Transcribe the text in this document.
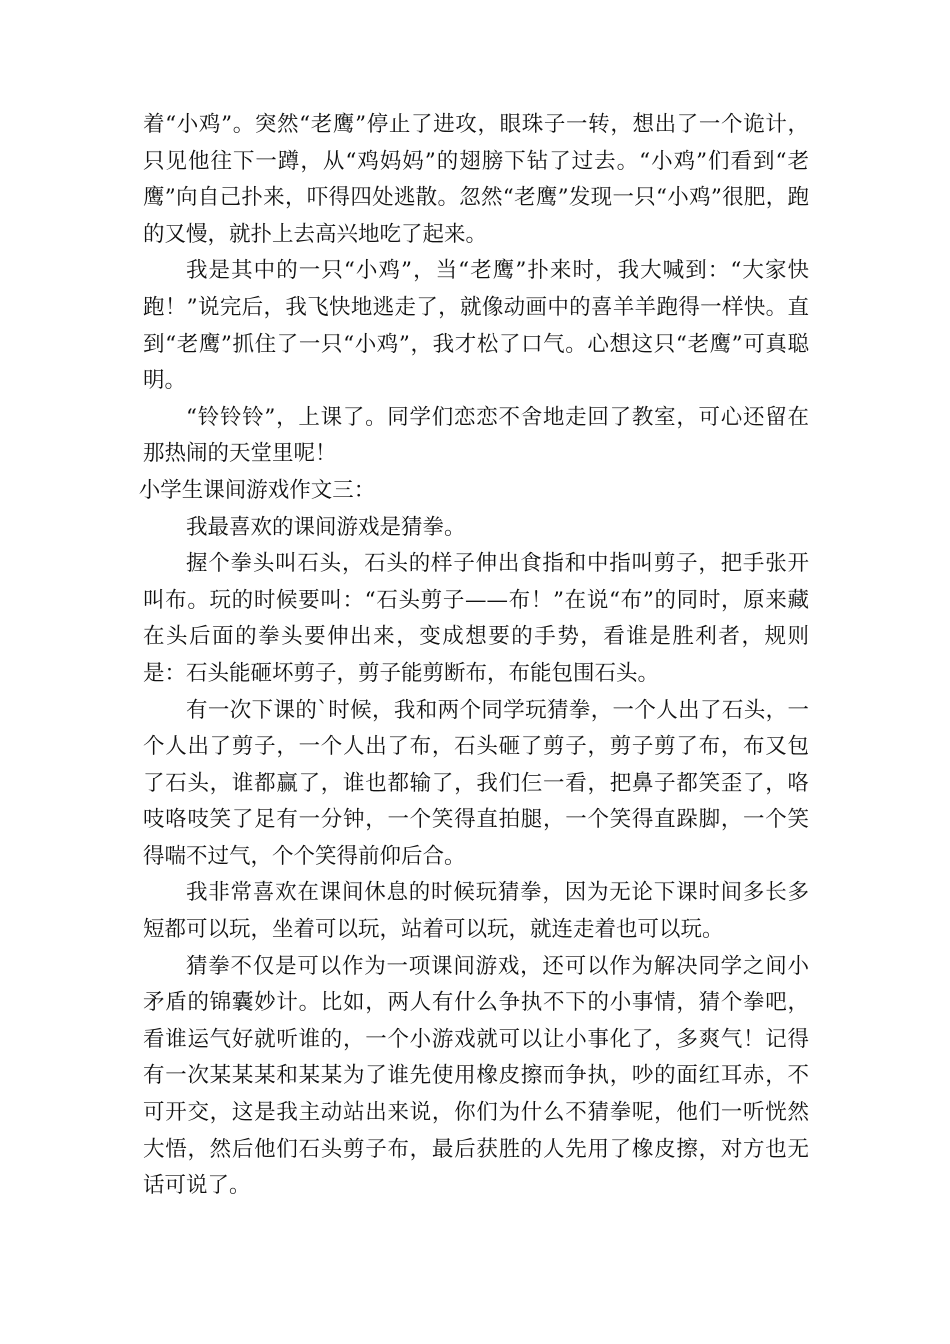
着“小鸡”。突然“老鹰”停止了进攻，眼珠子一转，想出了一个诡计，只见他往下一蹲，从“鸡妈妈”的翅膀下钻了过去。“小鸡”们看到“老鹰”向自己扑来，吓得四处逃散。忽然“老鹰”发现一只“小鸡”很肥，跑的又慢，就扑上去高兴地吃了起来。

我是其中的一只“小鸡”，当“老鹰”扑来时，我大喊到：“大家快跑！”说完后，我飞快地逃走了，就像动画中的喜羊羊跑得一样快。直到“老鹰”抓住了一只“小鸡”，我才松了口气。心想这只“老鹰”可真聪明。

“铃铃铃”，上课了。同学们恋恋不舍地走回了教室，可心还留在那热闹的天堂里呢！

小学生课间游戏作文三：

我最喜欢的课间游戏是猜拳。

握个拳头叫石头，石头的样子伸出食指和中指叫剪子，把手张开叫布。玩的时候要叫：“石头剪子——布！”在说“布”的同时，原来藏在头后面的拳头要伸出来，变成想要的手势，看谁是胜利者，规则是：石头能砸坏剪子，剪子能剪断布，布能包围石头。

有一次下课的`时候，我和两个同学玩猜拳，一个人出了石头，一个人出了剪子，一个人出了布，石头砸了剪子，剪子剪了布，布又包了石头，谁都赢了，谁也都输了，我们仨一看，把鼻子都笑歪了，咯吱咯吱笑了足有一分钟，一个笑得直拍腿，一个笑得直跺脚，一个笑得喘不过气，个个笑得前仰后合。

我非常喜欢在课间休息的时候玩猜拳，因为无论下课时间多长多短都可以玩，坐着可以玩，站着可以玩，就连走着也可以玩。

猜拳不仅是可以作为一项课间游戏，还可以作为解决同学之间小矛盾的锦囊妙计。比如，两人有什么争执不下的小事情，猜个拳吧，看谁运气好就听谁的，一个小游戏就可以让小事化了，多爽气！记得有一次某某某和某某为了谁先使用橡皮擦而争执，吵的面红耳赤，不可开交，这是我主动站出来说，你们为什么不猜拳呢，他们一听恍然大悟，然后他们石头剪子布，最后获胜的人先用了橡皮擦，对方也无话可说了。
